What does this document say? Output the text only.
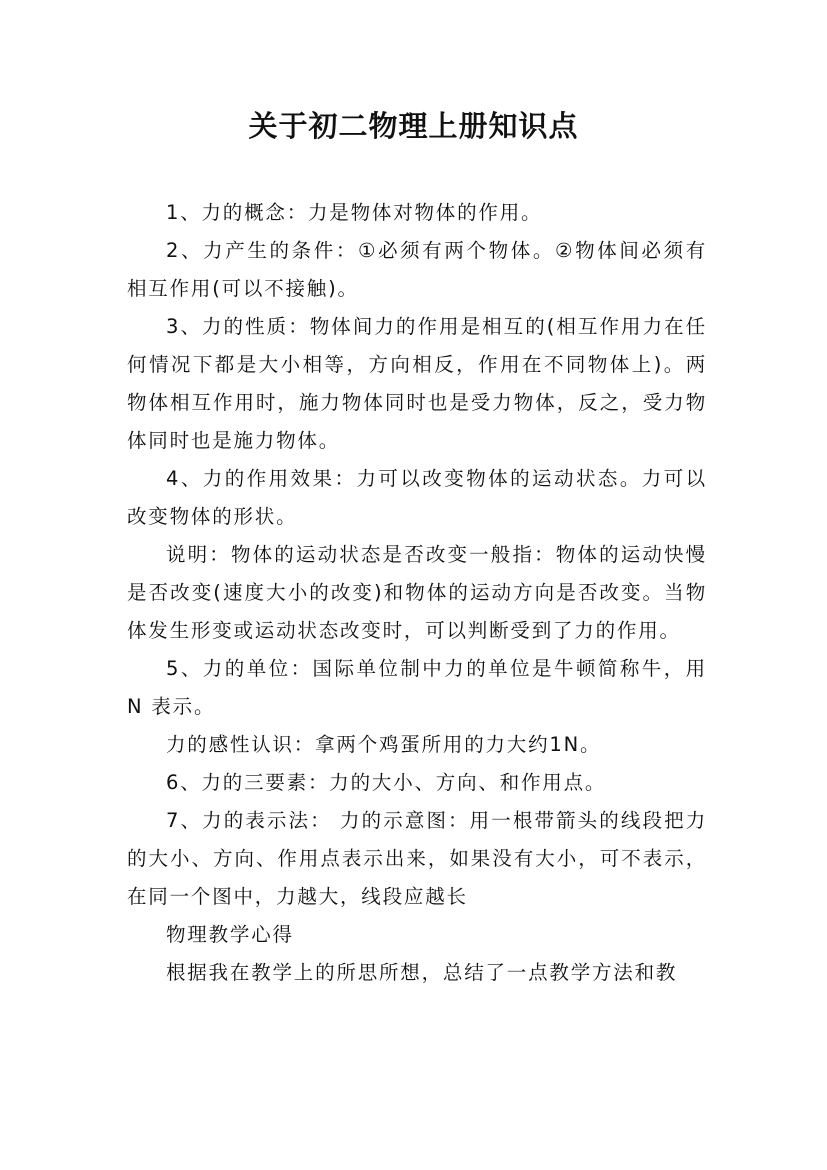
关于初二物理上册知识点

1、力的概念：力是物体对物体的作用。

2、力产生的条件：①必须有两个物体。②物体间必须有相互作用(可以不接触)。

3、力的性质：物体间力的作用是相互的(相互作用力在任何情况下都是大小相等，方向相反，作用在不同物体上)。两物体相互作用时，施力物体同时也是受力物体，反之，受力物体同时也是施力物体。

4、力的作用效果：力可以改变物体的运动状态。力可以改变物体的形状。

说明：物体的运动状态是否改变一般指：物体的运动快慢是否改变(速度大小的改变)和物体的运动方向是否改变。当物体发生形变或运动状态改变时，可以判断受到了力的作用。

5、力的单位：国际单位制中力的单位是牛顿简称牛，用N 表示。

力的感性认识：拿两个鸡蛋所用的力大约1N。

6、力的三要素：力的大小、方向、和作用点。

7、力的表示法： 力的示意图：用一根带箭头的线段把力的大小、方向、作用点表示出来，如果没有大小，可不表示，在同一个图中，力越大，线段应越长

物理教学心得

根据我在教学上的所思所想，总结了一点教学方法和教
